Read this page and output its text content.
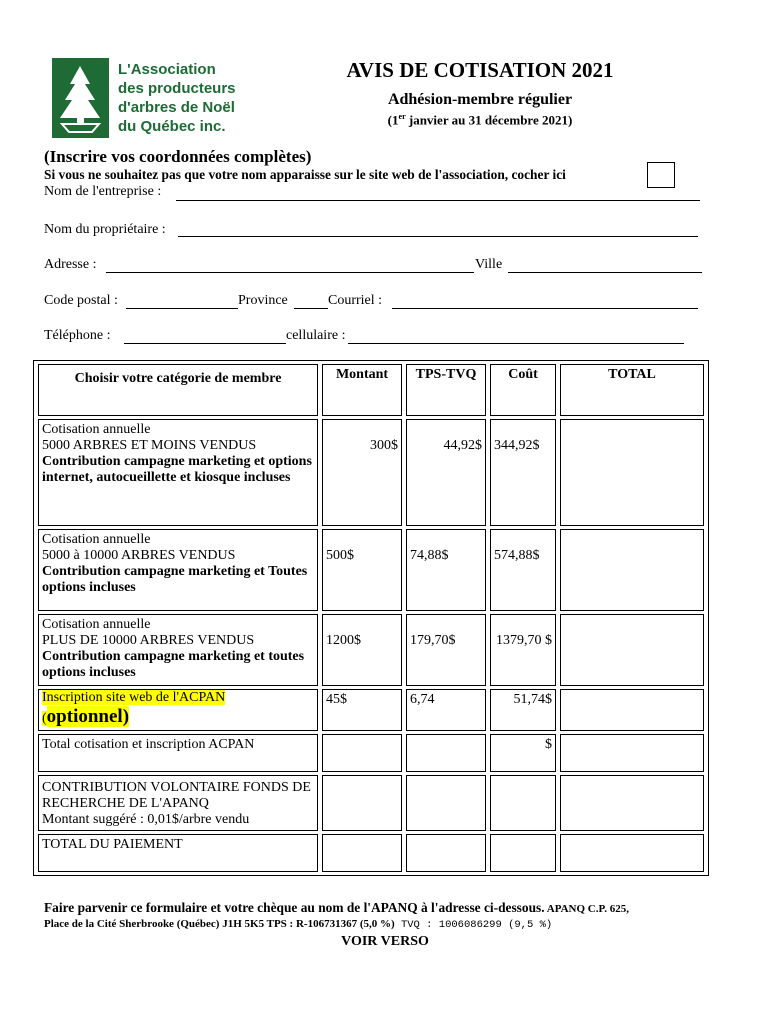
L'Association
des producteurs
d'arbres de Noël
du Québec inc.
AVIS DE COTISATION 2021
Adhésion-membre régulier
(1er janvier au 31 décembre 2021)
(Inscrire vos coordonnées complètes)
Si vous ne souhaitez pas que votre nom apparaisse sur le site web de l'association, cocher ici
Nom de l'entreprise :
Nom du propriétaire :
Adresse :	Ville
Code postal :	Province	Courriel :
Téléphone :	cellulaire :
Choisir votre catégorie de membre	Montant	TPS-TVQ	Coût	TOTAL

Cotisation annuelle
5000 ARBRES ET MOINS VENDUS
Contribution campagne marketing et options internet, autocueillette et kiosque incluses	300$	44,92$	344,92$	

Cotisation annuelle
5000 à 10000 ARBRES VENDUS
Contribution campagne marketing et Toutes options incluses	500$	74,88$	574,88$	

Cotisation annuelle
PLUS DE 10000 ARBRES VENDUS
Contribution campagne marketing et toutes options incluses	1200$	179,70$	1379,70 $	
Inscription site web de l'ACPAN
(optionnel)	45$	6,74	51,74$	
Total cotisation et inscription ACPAN			$	

CONTRIBUTION VOLONTAIRE FONDS DE RECHERCHE DE L'APANQ
Montant suggéré : 0,01$/arbre vendu				

TOTAL DU PAIEMENT				
Faire parvenir ce formulaire et votre chèque au nom de l'APANQ à l'adresse ci-dessous. APANQ C.P. 625,
Place de la Cité Sherbrooke (Québec) J1H 5K5 TPS : R-106731367 (5,0 %) TVQ : 1006086299 (9,5 %)
VOIR VERSO
